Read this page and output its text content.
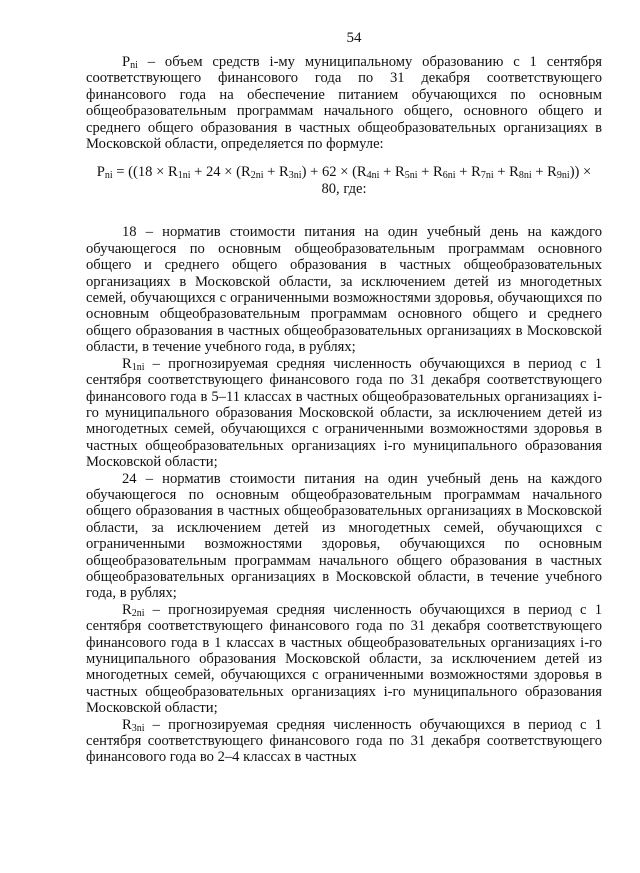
54

$P_{ni}$ – объем средств i-му муниципальному образованию с 1 сентября соответствующего финансового года по 31 декабря соответствующего финансового года на обеспечение питанием обучающихся по основным общеобразовательным программам начального общего, основного общего и среднего общего образования в частных общеобразовательных организациях в Московской области, определяется по формуле:

$P_{ni} = ((18 \times R_{1ni} + 24 \times (R_{2ni} + R_{3ni}) + 62 \times (R_{4ni} + R_{5ni} + R_{6ni} + R_{7ni} + R_{8ni} + R_{9ni}))$ ×
80, где:

18 – норматив стоимости питания на один учебный день на каждого обучающегося по основным общеобразовательным программам основного общего и среднего общего образования в частных общеобразовательных организациях в Московской области, за исключением детей из многодетных семей, обучающихся с ограниченными возможностями здоровья, обучающихся по основным общеобразовательным программам основного общего и среднего общего образования в частных общеобразовательных организациях в Московской области, в течение учебного года, в рублях;

$R_{1ni}$ – прогнозируемая средняя численность обучающихся в период с 1 сентября соответствующего финансового года по 31 декабря соответствующего финансового года в 5–11 классах в частных общеобразовательных организациях i-го муниципального образования Московской области, за исключением детей из многодетных семей, обучающихся с ограниченными возможностями здоровья в частных общеобразовательных организациях i-го муниципального образования Московской области;

24 – норматив стоимости питания на один учебный день на каждого обучающегося по основным общеобразовательным программам начального общего образования в частных общеобразовательных организациях в Московской области, за исключением детей из многодетных семей, обучающихся с ограниченными возможностями здоровья, обучающихся по основным общеобразовательным программам начального общего образования в частных общеобразовательных организациях в Московской области, в течение учебного года, в рублях;

$R_{2ni}$ – прогнозируемая средняя численность обучающихся в период с 1 сентября соответствующего финансового года по 31 декабря соответствующего финансового года в 1 классах в частных общеобразовательных организациях i-го муниципального образования Московской области, за исключением детей из многодетных семей, обучающихся с ограниченными возможностями здоровья в частных общеобразовательных организациях i-го муниципального образования Московской области;

$R_{3ni}$ – прогнозируемая средняя численность обучающихся в период с 1 сентября соответствующего финансового года по 31 декабря соответствующего финансового года во 2–4 классах в частных
